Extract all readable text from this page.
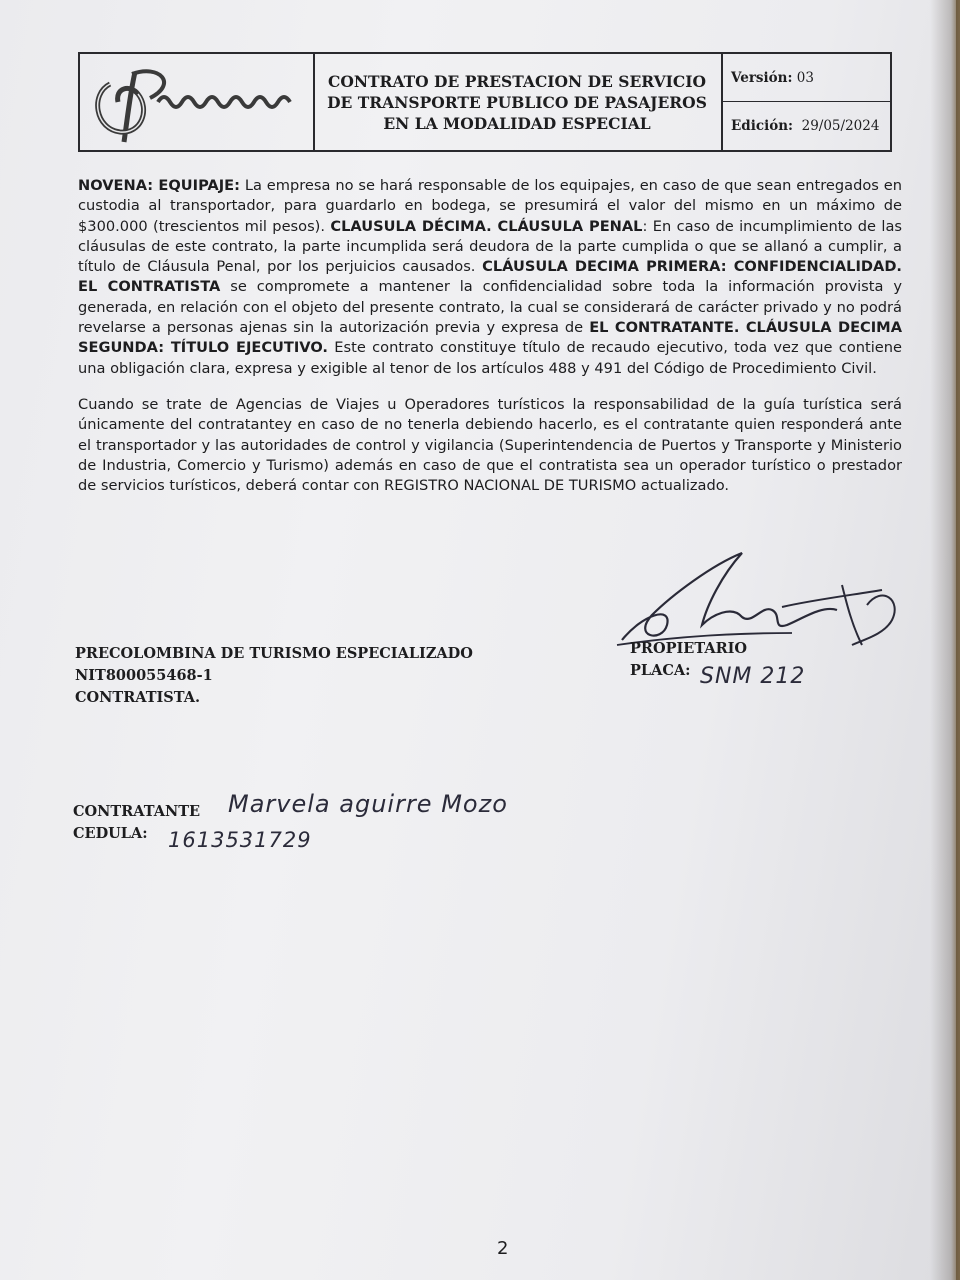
CONTRATO DE PRESTACION DE SERVICIO
DE TRANSPORTE PUBLICO DE PASAJEROS
EN LA MODALIDAD ESPECIAL
Versión:
03
Edición:
29/05/2024

NOVENA: EQUIPAJE: La empresa no se hará responsable de los equipajes, en caso de que sean entregados en custodia al transportador, para guardarlo en bodega, se presumirá el valor del mismo en un máximo de $300.000 (trescientos mil pesos). CLAUSULA DÉCIMA. CLÁUSULA PENAL: En caso de incumplimiento de las cláusulas de este contrato, la parte incumplida será deudora de la parte cumplida o que se allanó a cumplir, a título de Cláusula Penal, por los perjuicios causados. CLÁUSULA DECIMA PRIMERA: CONFIDENCIALIDAD. EL CONTRATISTA se compromete a mantener la confidencialidad sobre toda la información provista y generada, en relación con el objeto del presente contrato, la cual se considerará de carácter privado y no podrá revelarse a personas ajenas sin la autorización previa y expresa de EL CONTRATANTE. CLÁUSULA DECIMA SEGUNDA: TÍTULO EJECUTIVO. Este contrato constituye título de recaudo ejecutivo, toda vez que contiene una obligación clara, expresa y exigible al tenor de los artículos 488 y 491 del Código de Procedimiento Civil.

Cuando se trate de Agencias de Viajes u Operadores turísticos la responsabilidad de la guía turística será únicamente del contratantey en caso de no tenerla debiendo hacerlo, es el contratante quien responderá ante el transportador y las autoridades de control y vigilancia (Superintendencia de Puertos y Transporte y Ministerio de Industria, Comercio y Turismo) además en caso de que el contratista sea un operador turístico o prestador de servicios turísticos, deberá contar con REGISTRO NACIONAL DE TURISMO actualizado.

PROPIETARIO
PLACA: SNM 212
PRECOLOMBINA DE TURISMO ESPECIALIZADO
NIT800055468-1
CONTRATISTA.
CONTRATANTE
CEDULA:
Marvela aguirre Mozo
1613531729
2
